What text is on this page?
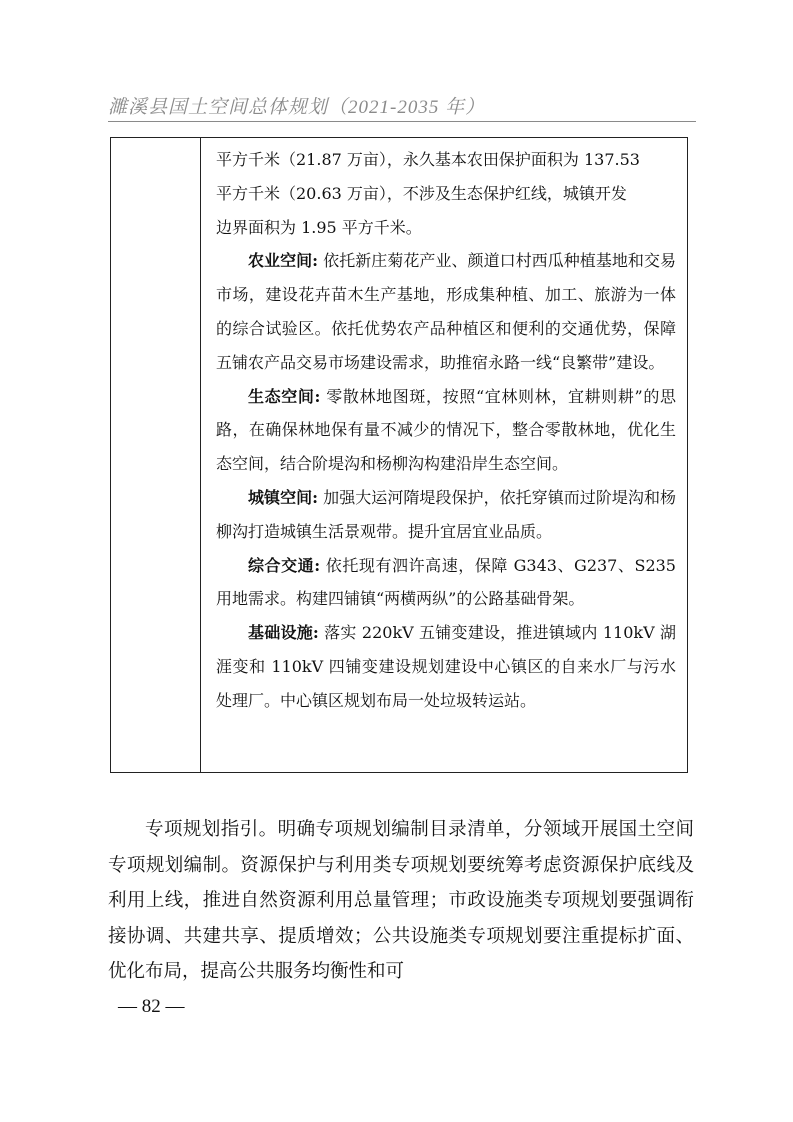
濉溪县国土空间总体规划（2021-2035 年）

平方千米（21.87 万亩），永久基本农田保护面积为 137.53

平方千米（20.63 万亩），不涉及生态保护红线，城镇开发

边界面积为 1.95 平方千米。

农业空间: 依托新庄菊花产业、颜道口村西瓜种植基地和交易市场，建设花卉苗木生产基地，形成集种植、加工、旅游为一体的综合试验区。依托优势农产品种植区和便利的交通优势，保障五铺农产品交易市场建设需求，助推宿永路一线“良繁带”建设。

生态空间: 零散林地图斑，按照“宜林则林，宜耕则耕”的思路，在确保林地保有量不减少的情况下，整合零散林地，优化生态空间，结合阶堤沟和杨柳沟构建沿岸生态空间。

城镇空间: 加强大运河隋堤段保护，依托穿镇而过阶堤沟和杨柳沟打造城镇生活景观带。提升宜居宜业品质。

综合交通: 依托现有泗许高速，保障 G343、G237、S235 用地需求。构建四铺镇“两横两纵”的公路基础骨架。

基础设施: 落实 220kV 五铺变建设，推进镇域内 110kV 湖涯变和 110kV 四铺变建设规划建设中心镇区的自来水厂与污水处理厂。中心镇区规划布局一处垃圾转运站。

专项规划指引。明确专项规划编制目录清单，分领域开展国土空间专项规划编制。资源保护与利用类专项规划要统筹考虑资源保护底线及利用上线，推进自然资源利用总量管理；市政设施类专项规划要强调衔接协调、共建共享、提质增效；公共设施类专项规划要注重提标扩面、优化布局，提高公共服务均衡性和可

— 82 —
